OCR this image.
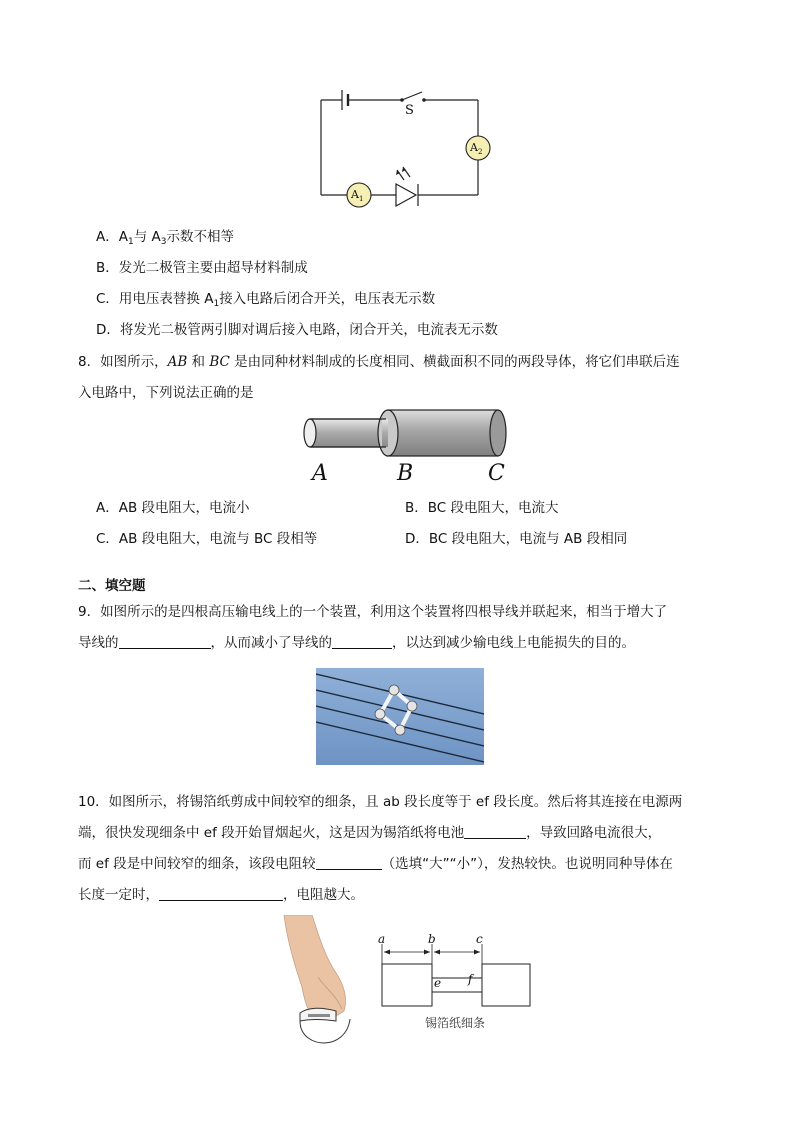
S
$A_2$
$A_1$
A．$A_1$与 $A_3$示数不相等
B．发光二极管主要由超导材料制成
C．用电压表替换 $A_1$接入电路后闭合开关，电压表无示数
D．将发光二极管两引脚对调后接入电路，闭合开关，电流表无示数
8．如图所示，AB 和 BC 是由同种材料制成的长度相同、横截面积不同的两段导体，将它们串联后连
入电路中，下列说法正确的是
A	B	C
A．AB 段电阻大，电流小	B．BC 段电阻大，电流大
C．AB 段电阻大，电流与 BC 段相等	D．BC 段电阻大，电流与 AB 段相同
二、填空题
9．如图所示的是四根高压输电线上的一个装置，利用这个装置将四根导线并联起来，相当于增大了
导线的	，从而减小了导线的	，以达到减少输电线上电能损失的目的。
10．如图所示，将锡箔纸剪成中间较窄的细条，且 ab 段长度等于 ef 段长度。然后将其连接在电源两
端，很快发现细条中 ef 段开始冒烟起火，这是因为锡箔纸将电池	，导致回路电流很大，
而 ef 段是中间较窄的细条，该段电阻较	（选填“大”“小”），发热较快。也说明同种导体在
长度一定时，	，电阻越大。
a	b	c
e f
锡箔纸细条
